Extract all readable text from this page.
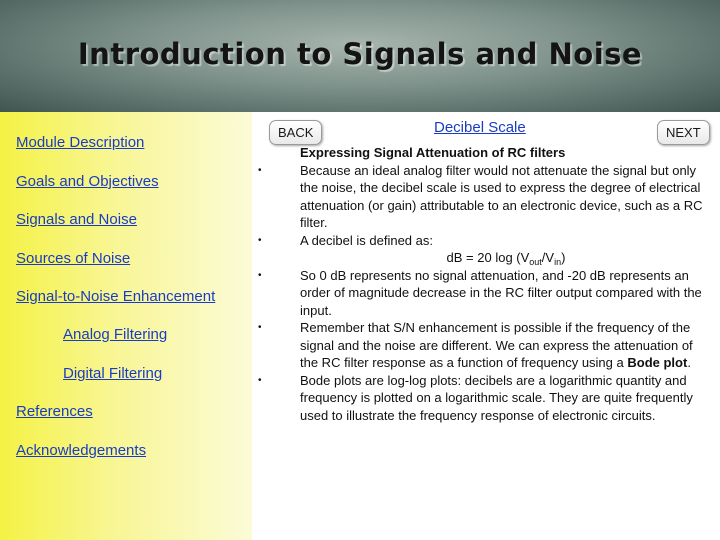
Introduction to Signals and Noise
Module Description
Goals and Objectives
Signals and Noise
Sources of Noise
Signal-to-Noise Enhancement
Analog Filtering
Digital Filtering
References
Acknowledgements
BACK	Decibel Scale	NEXT
Expressing Signal Attenuation of RC filters
•	Because an ideal analog filter would not attenuate the signal but only the noise, the decibel scale is used to express the degree of electrical attenuation (or gain) attributable to an electronic device, such as a RC filter.
•	A decibel is defined as:
dB = 20 $\log (V_{out}/V_{in})$
•	So 0 dB represents no signal attenuation, and -20 dB represents an order of magnitude decrease in the RC filter output compared with the input.
•	Remember that S/N enhancement is possible if the frequency of the signal and the noise are different. We can express the attenuation of the RC filter response as a function of frequency using a Bode plot.
•	Bode plots are log-log plots: decibels are a logarithmic quantity and frequency is plotted on a logarithmic scale. They are quite frequently used to illustrate the frequency response of electronic circuits.
